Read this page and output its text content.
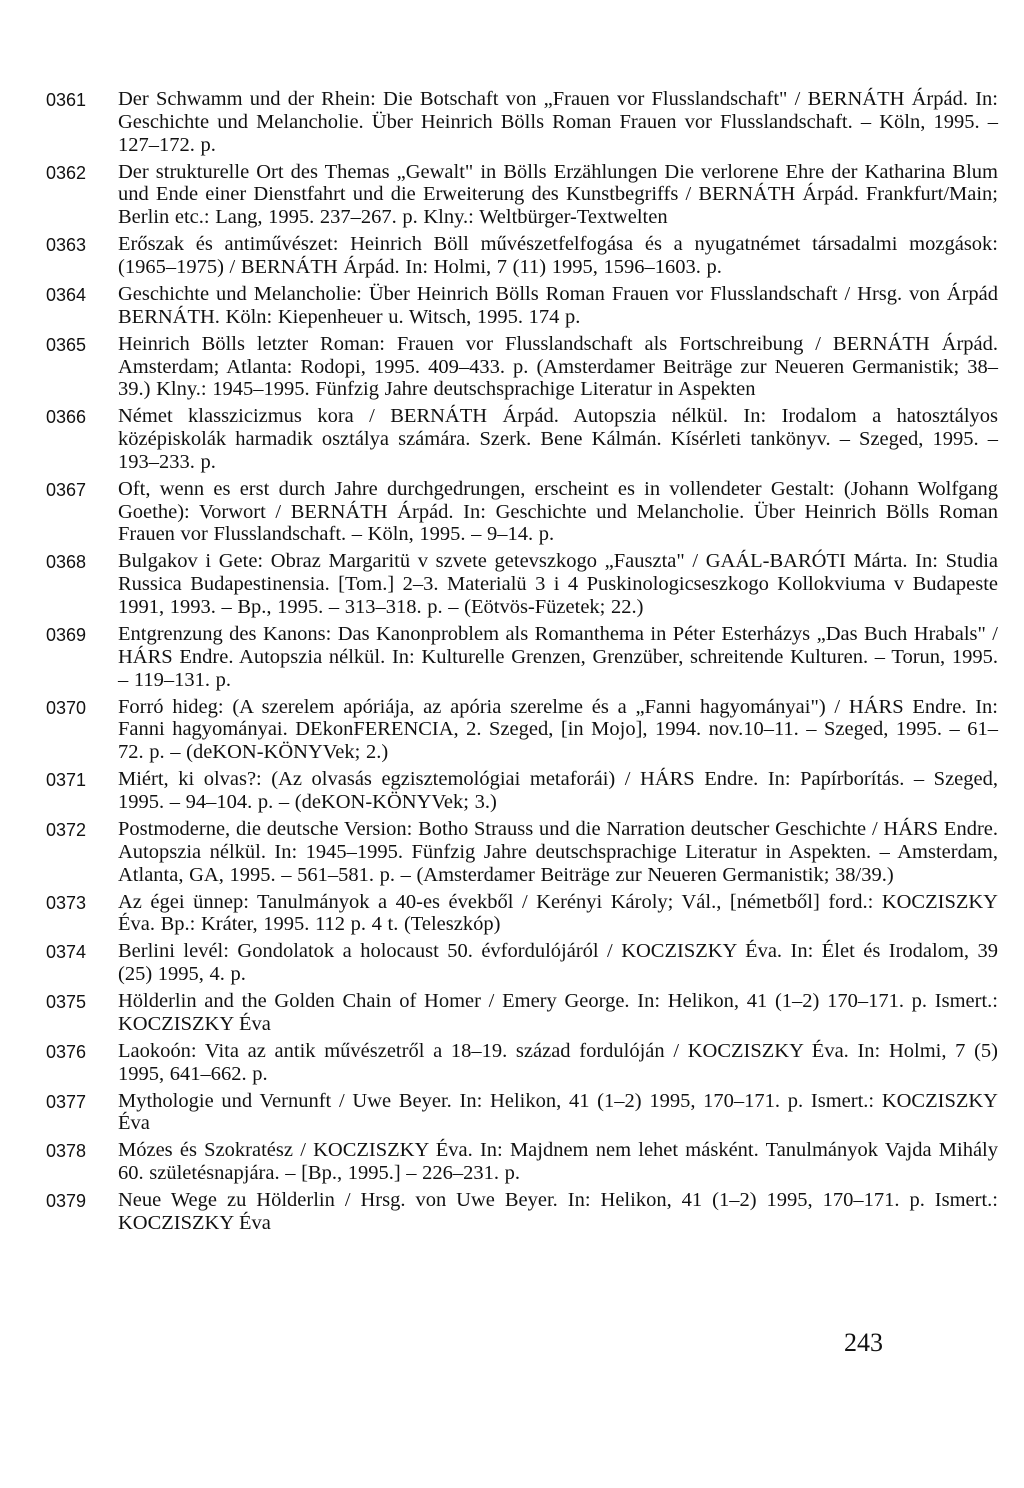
0361	Der Schwamm und der Rhein: Die Botschaft von „Frauen vor Flusslandschaft" / BERNÁTH Árpád. In: Geschichte und Melancholie. Über Heinrich Bölls Roman Frauen vor Flusslandschaft. – Köln, 1995. – 127–172. p.
0362	Der strukturelle Ort des Themas „Gewalt" in Bölls Erzählungen Die verlorene Ehre der Katharina Blum und Ende einer Dienstfahrt und die Erweiterung des Kunstbegriffs / BERNÁTH Árpád. Frankfurt/Main; Berlin etc.: Lang, 1995. 237–267. p. Klny.: Weltbürger-Textwelten
0363	Erőszak és antiművészet: Heinrich Böll művészetfelfogása és a nyugatnémet társadalmi mozgások: (1965–1975) / BERNÁTH Árpád. In: Holmi, 7 (11) 1995, 1596–1603. p.
0364	Geschichte und Melancholie: Über Heinrich Bölls Roman Frauen vor Flusslandschaft / Hrsg. von Árpád BERNÁTH. Köln: Kiepenheuer u. Witsch, 1995. 174 p.
0365	Heinrich Bölls letzter Roman: Frauen vor Flusslandschaft als Fortschreibung / BERNÁTH Árpád. Amsterdam; Atlanta: Rodopi, 1995. 409–433. p. (Amsterdamer Beiträge zur Neueren Germanistik; 38–39.) Klny.: 1945–1995. Fünfzig Jahre deutschsprachige Literatur in Aspekten
0366	Német klasszicizmus kora / BERNÁTH Árpád. Autopszia nélkül. In: Irodalom a hatosztályos középiskolák harmadik osztálya számára. Szerk. Bene Kálmán. Kísérleti tankönyv. – Szeged, 1995. – 193–233. p.
0367	Oft, wenn es erst durch Jahre durchgedrungen, erscheint es in vollendeter Gestalt: (Johann Wolfgang Goethe): Vorwort / BERNÁTH Árpád. In: Geschichte und Melancholie. Über Heinrich Bölls Roman Frauen vor Flusslandschaft. – Köln, 1995. – 9–14. p.
0368	Bulgakov i Gete: Obraz Margaritü v szvete getevszkogo „Fauszta" / GAÁL-BARÓTI Márta. In: Studia Russica Budapestinensia. [Tom.] 2–3. Materialü 3 i 4 Puskinologicseszkogo Kollokviuma v Budapeste 1991, 1993. – Bp., 1995. – 313–318. p. – (Eötvös-Füzetek; 22.)
0369	Entgrenzung des Kanons: Das Kanonproblem als Romanthema in Péter Esterházys „Das Buch Hrabals" / HÁRS Endre. Autopszia nélkül. In: Kulturelle Grenzen, Grenzüber, schreitende Kulturen. – Torun, 1995. – 119–131. p.
0370	Forró hideg: (A szerelem apóriája, az apória szerelme és a „Fanni hagyományai") / HÁRS Endre. In: Fanni hagyományai. DEkonFERENCIA, 2. Szeged, [in Mojo], 1994. nov.10–11. – Szeged, 1995. – 61–72. p. – (deKON-KÖNYVek; 2.)
0371	Miért, ki olvas?: (Az olvasás egzisztemológiai metaforái) / HÁRS Endre. In: Papírborítás. – Szeged, 1995. – 94–104. p. – (deKON-KÖNYVek; 3.)
0372	Postmoderne, die deutsche Version: Botho Strauss und die Narration deutscher Geschichte / HÁRS Endre. Autopszia nélkül. In: 1945–1995. Fünfzig Jahre deutschsprachige Literatur in Aspekten. – Amsterdam, Atlanta, GA, 1995. – 561–581. p. – (Amsterdamer Beiträge zur Neueren Germanistik; 38/39.)
0373	Az égei ünnep: Tanulmányok a 40-es évekből / Kerényi Károly; Vál., [németből] ford.: KOCZISZKY Éva. Bp.: Kráter, 1995. 112 p. 4 t. (Teleszkóp)
0374	Berlini levél: Gondolatok a holocaust 50. évfordulójáról / KOCZISZKY Éva. In: Élet és Irodalom, 39 (25) 1995, 4. p.
0375	Hölderlin and the Golden Chain of Homer / Emery George. In: Helikon, 41 (1–2) 170–171. p. Ismert.: KOCZISZKY Éva
0376	Laokoón: Vita az antik művészetről a 18–19. század fordulóján / KOCZISZKY Éva. In: Holmi, 7 (5) 1995, 641–662. p.
0377	Mythologie und Vernunft / Uwe Beyer. In: Helikon, 41 (1–2) 1995, 170–171. p. Ismert.: KOCZISZKY Éva
0378	Mózes és Szokratész / KOCZISZKY Éva. In: Majdnem nem lehet másként. Tanulmányok Vajda Mihály 60. születésnapjára. – [Bp., 1995.] – 226–231. p.
0379	Neue Wege zu Hölderlin / Hrsg. von Uwe Beyer. In: Helikon, 41 (1–2) 1995, 170–171. p. Ismert.: KOCZISZKY Éva
243
